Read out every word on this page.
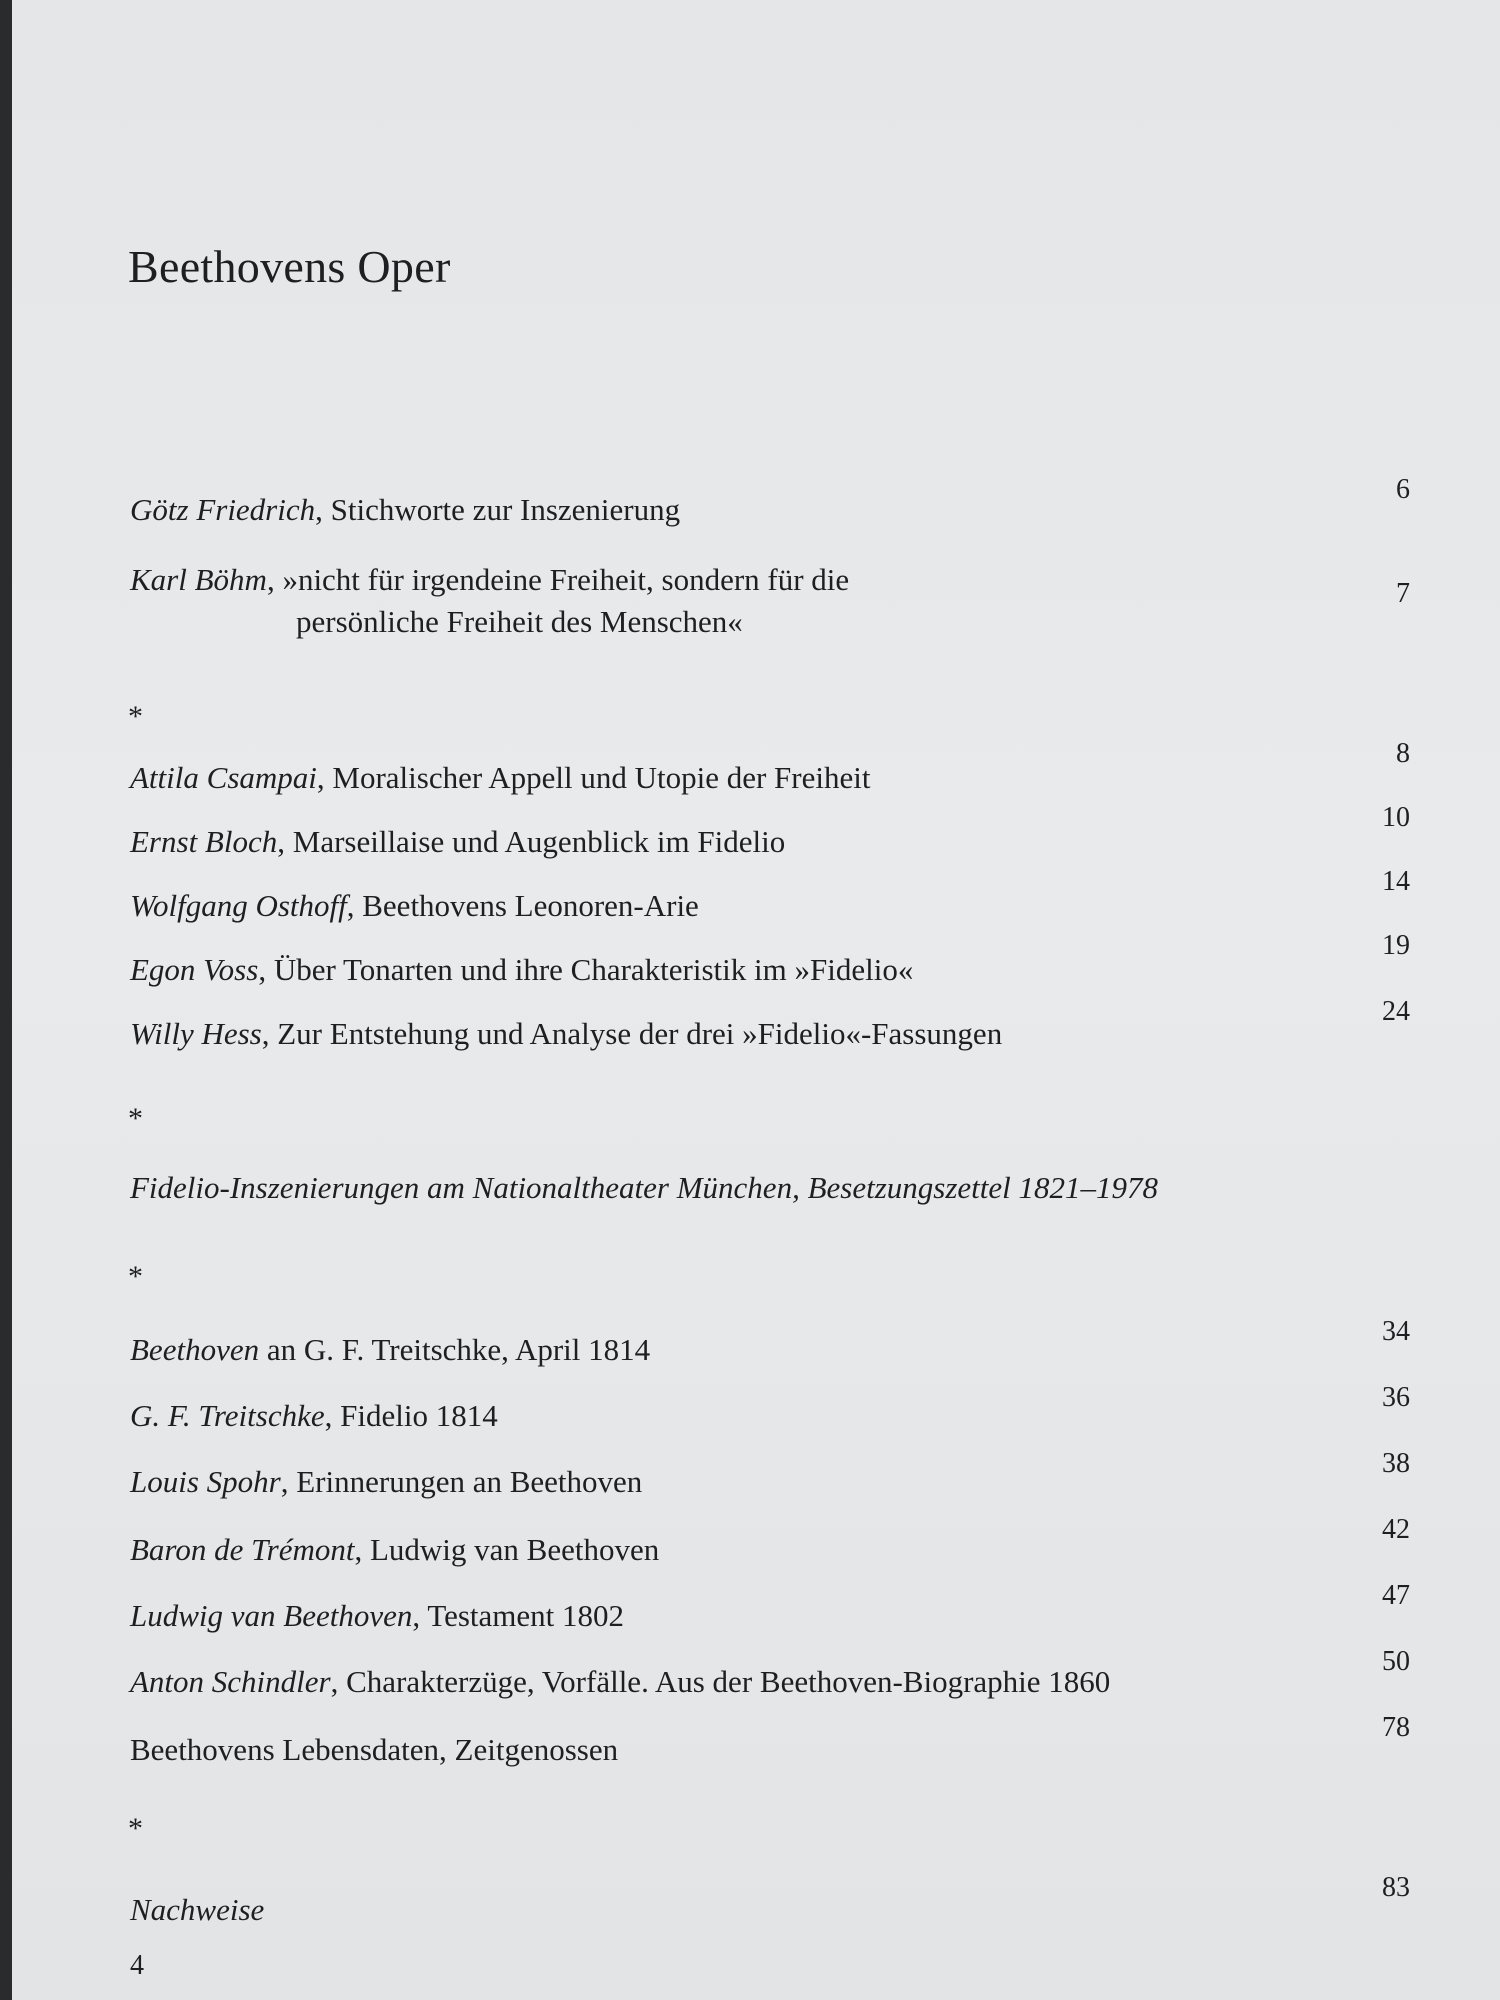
Beethovens Oper
Götz Friedrich, Stichworte zur Inszenierung
6
Karl Böhm, »nicht für irgendeine Freiheit, sondern für die
persönliche Freiheit des Menschen«
7
*
Attila Csampai, Moralischer Appell und Utopie der Freiheit
8
Ernst Bloch, Marseillaise und Augenblick im Fidelio
10
Wolfgang Osthoff, Beethovens Leonoren-Arie
14
Egon Voss, Über Tonarten und ihre Charakteristik im »Fidelio«
19
Willy Hess, Zur Entstehung und Analyse der drei »Fidelio«-Fassungen
24
*
Fidelio-Inszenierungen am Nationaltheater München, Besetzungszettel 1821–1978
*
Beethoven an G. F. Treitschke, April 1814
34
G. F. Treitschke, Fidelio 1814
36
Louis Spohr, Erinnerungen an Beethoven
38
Baron de Trémont, Ludwig van Beethoven
42
Ludwig van Beethoven, Testament 1802
47
Anton Schindler, Charakterzüge, Vorfälle. Aus der Beethoven-Biographie 1860
50
Beethovens Lebensdaten, Zeitgenossen
78
*
Nachweise
83
4
